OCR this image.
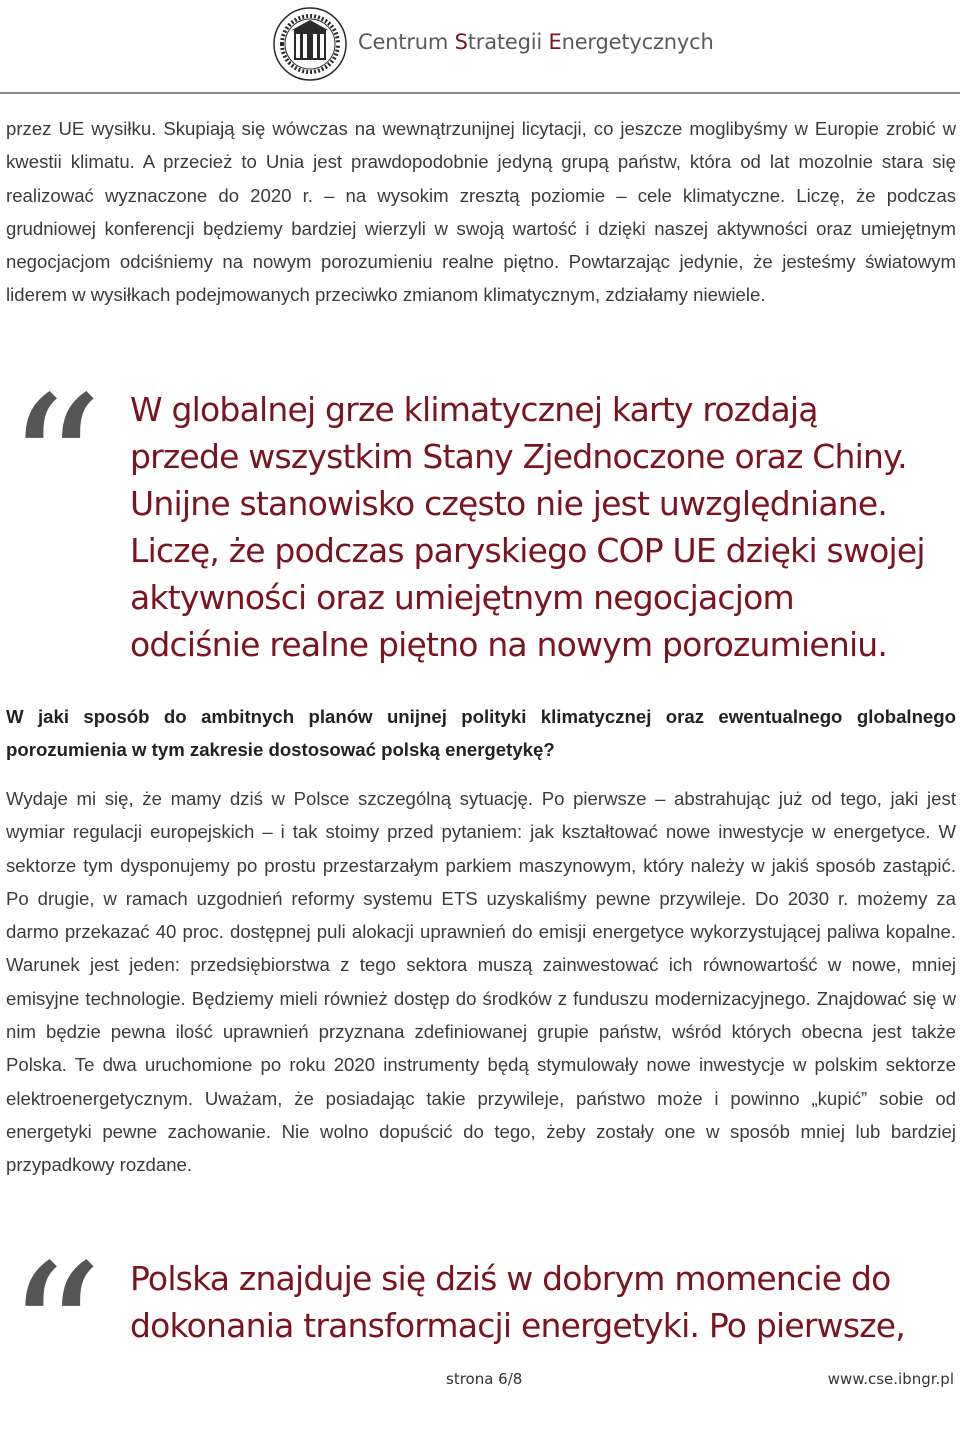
Centrum Strategii Energetycznych

przez UE wysiłku. Skupiają się wówczas na wewnątrzunijnej licytacji, co jeszcze moglibyśmy w Europie zrobić w kwestii klimatu. A przecież to Unia jest prawdopodobnie jedyną grupą państw, która od lat mozolnie stara się realizować wyznaczone do 2020 r. – na wysokim zresztą poziomie – cele klimatyczne. Liczę, że podczas grudniowej konferencji będziemy bardziej wierzyli w swoją wartość i dzięki naszej aktywności oraz umiejętnym negocjacjom odciśniemy na nowym porozumieniu realne piętno. Powtarzając jedynie, że jesteśmy światowym liderem w wysiłkach podejmowanych przeciwko zmianom klimatycznym, zdziałamy niewiele.

“ W globalnej grze klimatycznej karty rozdają przede wszystkim Stany Zjednoczone oraz Chiny. Unijne stanowisko często nie jest uwzględniane. Liczę, że podczas paryskiego COP UE dzięki swojej aktywności oraz umiejętnym negocjacjom odciśnie realne piętno na nowym porozumieniu.

W jaki sposób do ambitnych planów unijnej polityki klimatycznej oraz ewentualnego globalnego porozumienia w tym zakresie dostosować polską energetykę?

Wydaje mi się, że mamy dziś w Polsce szczególną sytuację. Po pierwsze – abstrahując już od tego, jaki jest wymiar regulacji europejskich – i tak stoimy przed pytaniem: jak kształtować nowe inwestycje w energetyce. W sektorze tym dysponujemy po prostu przestarzałym parkiem maszynowym, który należy w jakiś sposób zastąpić. Po drugie, w ramach uzgodnień reformy systemu ETS uzyskaliśmy pewne przywileje. Do 2030 r. możemy za darmo przekazać 40 proc. dostępnej puli alokacji uprawnień do emisji energetyce wykorzystującej paliwa kopalne. Warunek jest jeden: przedsiębiorstwa z tego sektora muszą zainwestować ich równowartość w nowe, mniej emisyjne technologie. Będziemy mieli również dostęp do środków z funduszu modernizacyjnego. Znajdować się w nim będzie pewna ilość uprawnień przyznana zdefiniowanej grupie państw, wśród których obecna jest także Polska. Te dwa uruchomione po roku 2020 instrumenty będą stymulowały nowe inwestycje w polskim sektorze elektroenergetycznym. Uważam, że posiadając takie przywileje, państwo może i powinno „kupić” sobie od energetyki pewne zachowanie. Nie wolno dopuścić do tego, żeby zostały one w sposób mniej lub bardziej przypadkowy rozdane.

“ Polska znajduje się dziś w dobrym momencie do dokonania transformacji energetyki. Po pierwsze,

strona 6/8	www.cse.ibngr.pl
